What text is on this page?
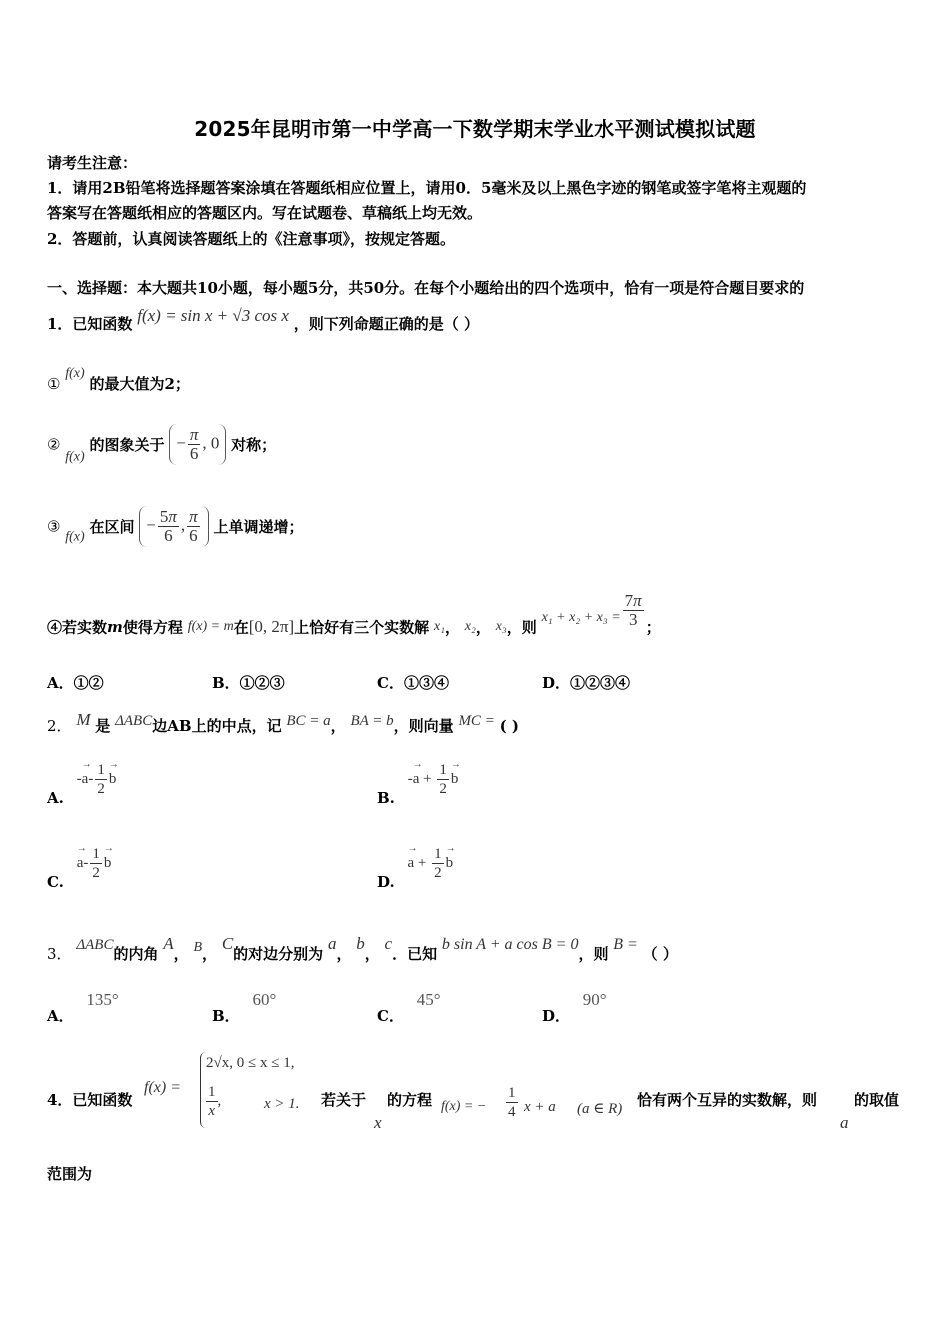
2025年昆明市第一中学高一下数学期末学业水平测试模拟试题
请考生注意：
1．请用2B铅笔将选择题答案涂填在答题纸相应位置上，请用0．5毫米及以上黑色字迹的钢笔或签字笔将主观题的
答案写在答题纸相应的答题区内。写在试题卷、草稿纸上均无效。
2．答题前，认真阅读答题纸上的《注意事项》，按规定答题。
一、选择题：本大题共10小题，每小题5分，共50分。在每个小题给出的四个选项中，恰有一项是符合题目要求的
1．已知函数 f(x) = sin x + √3 cos x ，则下列命题正确的是（ ）
① f(x) 的最大值为2；
② f(x) 的图象关于 − $\frac{\pi}{6}$ , 0 对称；
③ f(x) 在区间 − $\frac{5\pi}{6}$ , $\frac{\pi}{6}$ 上单调递增；
④若实数m使得方程 f(x) = m在[0, 2π]上恰好有三个实数解 x₁， x₂， x₃，则 $x_1 + x_2 + x_3 = \frac{7\pi}{3}$ ；
A．①②	B．①②③	C．①③④	D．①②③④
2． M 是 ΔABC边AB上的中点，记 BC = a， BA = b，则向量 MC = ( )
A. -→ $a- \frac{1}{2}$
→ b
B. -→ $a + \frac{1}{2}$
→ b
C. → $a- \frac{1}{2}$
→ b
D. → $a + \frac{1}{2}$
→ b
3． ΔABC的内角 A， B， C的对边分别为 a， b， c．已知 b sin A + a cos B = 0，则 B = （ ）
A． 135°
B． 60°
C． 45°
D． 90°
4．已知函数
f(x) =
2√x, 0 ≤ x ≤ 1,
$\frac{1}{x}$ ,	x > 1. 若关于
x
的方程 f(x) = − $\frac{1}{4}$ x + a (a ∈ R) 恰有两个互异的实数解，则
a
的取值
范围为
